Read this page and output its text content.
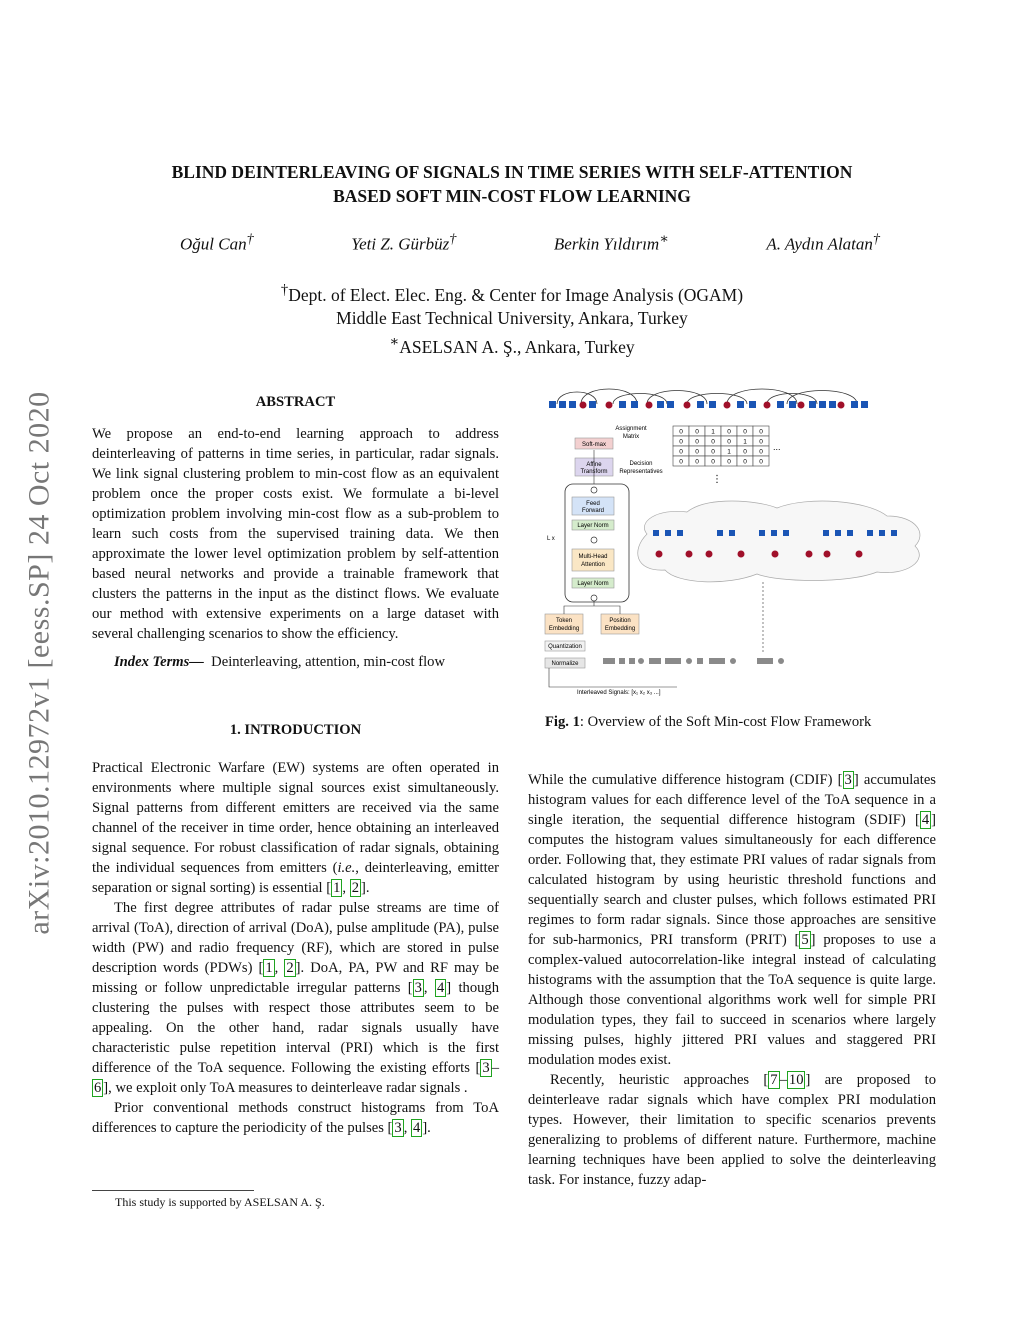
arXiv:2010.12972v1 [eess.SP] 24 Oct 2020
BLIND DEINTERLEAVING OF SIGNALS IN TIME SERIES WITH SELF-ATTENTION
BASED SOFT MIN-COST FLOW LEARNING
Oğul Can†	Yeti Z. Gürbüz†	Berkin Yıldırım∗	A. Aydın Alatan†
†Dept. of Elect. Elec. Eng. & Center for Image Analysis (OGAM)
Middle East Technical University, Ankara, Turkey
∗ASELSAN A. Ş., Ankara, Turkey

ABSTRACT

We propose an end-to-end learning approach to address deinterleaving of patterns in time series, in particular, radar signals. We link signal clustering problem to min-cost flow as an equivalent problem once the proper costs exist. We formulate a bi-level optimization problem involving min-cost flow as a sub-problem to learn such costs from the supervised training data. We then approximate the lower level optimization problem by self-attention based neural networks and provide a trainable framework that clusters the patterns in the input as the distinct flows. We evaluate our method with extensive experiments on a large dataset with several challenging scenarios to show the efficiency.

Index Terms— Deinterleaving, attention, min-cost flow

1. INTRODUCTION

Practical Electronic Warfare (EW) systems are often operated in environments where multiple signal sources exist simultaneously. Signal patterns from different emitters are received via the same channel of the receiver in time order, hence obtaining an interleaved signal sequence. For robust classification of radar signals, obtaining the individual sequences from emitters (i.e., deinterleaving, emitter separation or signal sorting) is essential [ 1 , 2 ].

The first degree attributes of radar pulse streams are time of arrival (ToA), direction of arrival (DoA), pulse amplitude (PA), pulse width (PW) and radio frequency (RF), which are stored in pulse description words (PDWs) [ 1 , 2 ]. DoA, PA, PW and RF may be missing or follow unpredictable irregular patterns [ 3 , 4 ] though clustering the pulses with respect those attributes seem to be appealing. On the other hand, radar signals usually have characteristic pulse repetition interval (PRI) which is the first difference of the ToA sequence. Following the existing efforts [ 3 –6 ], we exploit only ToA measures to deinterleave radar signals .

Prior conventional methods construct histograms from ToA differences to capture the periodicity of the pulses [ 3 , 4 ].

This study is supported by ASELSAN A. Ş.
Assignment
Matrix
Soft-max
Affine
Transform
Decision
Representatives
0 0 1 0 0 0
0 0 0 0 1 0
0 0 0 1 0 0
0 0 0 0 0 0
...
⋮
L x
Feed
Forward
Layer Norm
Multi-Head
Attention
Layer Norm
Token
Embedding
Position
Embedding
Quantization
Normalize
Interleaved Signals: [x₁ x₂ x₃ ...]
Fig. 1: Overview of the Soft Min-cost Flow Framework

While the cumulative difference histogram (CDIF) [ 3 ] accumulates histogram values for each difference level of the ToA sequence in a single iteration, the sequential difference histogram (SDIF) [ 4 ] computes the histogram values simultaneously for each difference order. Following that, they estimate PRI values of radar signals from calculated histogram by using heuristic threshold functions and sequentially search and cluster pulses, which follows estimated PRI regimes to form radar signals. Since those approaches are sensitive for sub-harmonics, PRI transform (PRIT) [ 5 ] proposes to use a complex-valued autocorrelation-like integral instead of calculating histograms with the assumption that the ToA sequence is quite large. Although those conventional algorithms work well for simple PRI modulation types, they fail to succeed in scenarios where largely missing pulses, highly jittered PRI values and staggered PRI modulation modes exist.

Recently, heuristic approaches [ 7 – 10 ] are proposed to deinterleave radar signals which have complex PRI modulation types. However, their limitation to specific scenarios prevents generalizing to problems of different nature. Furthermore, machine learning techniques have been applied to solve the deinterleaving task. For instance, fuzzy adap-
